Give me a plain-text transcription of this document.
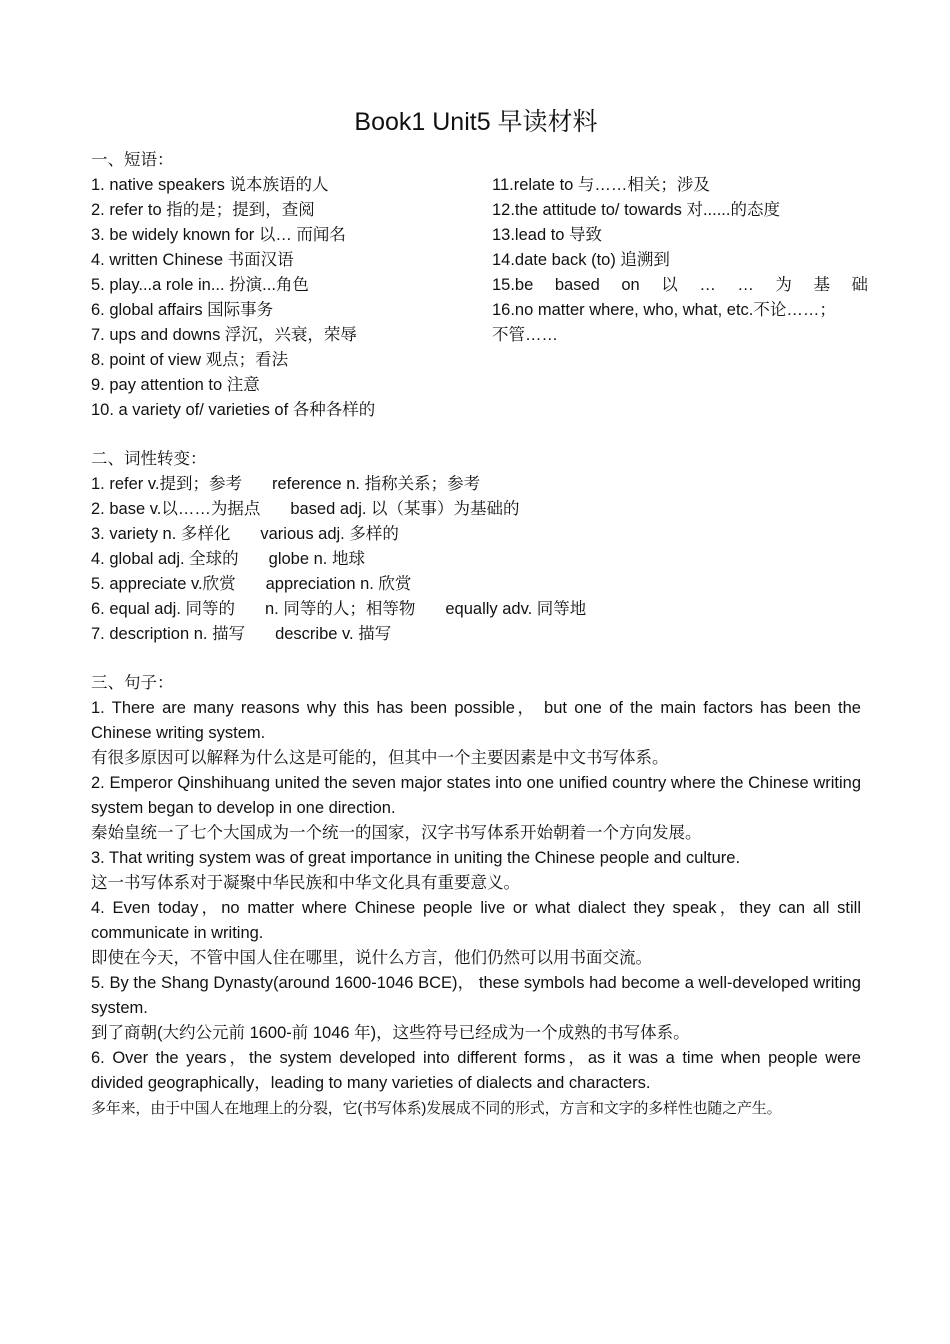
Book1 Unit5 早读材料
一、短语：
1. native speakers 说本族语的人
2. refer to 指的是；提到，查阅
3. be widely known for 以… 而闻名
4. written Chinese 书面汉语
5. play...a role in... 扮演...角色
6. global affairs 国际事务
7. ups and downs 浮沉，兴衰，荣辱
8. point of view 观点；看法
9. pay attention to 注意
10. a variety of/ varieties of 各种各样的
11.relate to 与……相关；涉及
12.the attitude to/ towards 对......的态度
13.lead to 导致
14.date back (to) 追溯到
15.be based on 以 … … 为 基 础
16.no matter where, who, what, etc.不论……；
不管……
二、词性转变：
1. refer v.提到；参考 reference n. 指称关系；参考
2. base v.以……为据点 based adj. 以（某事）为基础的
3. variety n. 多样化 various adj. 多样的
4. global adj. 全球的 globe n. 地球
5. appreciate v.欣赏 appreciation n. 欣赏
6. equal adj. 同等的 n. 同等的人；相等物 equally adv. 同等地
7. description n. 描写 describe v. 描写
三、句子：
1. There are many reasons why this has been possible， but one of the main factors has been the Chinese writing system.
有很多原因可以解释为什么这是可能的，但其中一个主要因素是中文书写体系。
2. Emperor Qinshihuang united the seven major states into one unified country where the Chinese writing system began to develop in one direction.
秦始皇统一了七个大国成为一个统一的国家，汉字书写体系开始朝着一个方向发展。
3. That writing system was of great importance in uniting the Chinese people and culture.
这一书写体系对于凝聚中华民族和中华文化具有重要意义。
4. Even today，no matter where Chinese people live or what dialect they speak，they can all still communicate in writing.
即使在今天，不管中国人住在哪里，说什么方言，他们仍然可以用书面交流。
5. By the Shang Dynasty(around 1600-1046 BCE)， these symbols had become a well-developed writing system.
到了商朝(大约公元前 1600-前 1046 年)，这些符号已经成为一个成熟的书写体系。
6. Over the years，the system developed into different forms，as it was a time when people were divided geographically，leading to many varieties of dialects and characters.
多年来，由于中国人在地理上的分裂，它(书写体系)发展成不同的形式，方言和文字的多样性也随之产生。
